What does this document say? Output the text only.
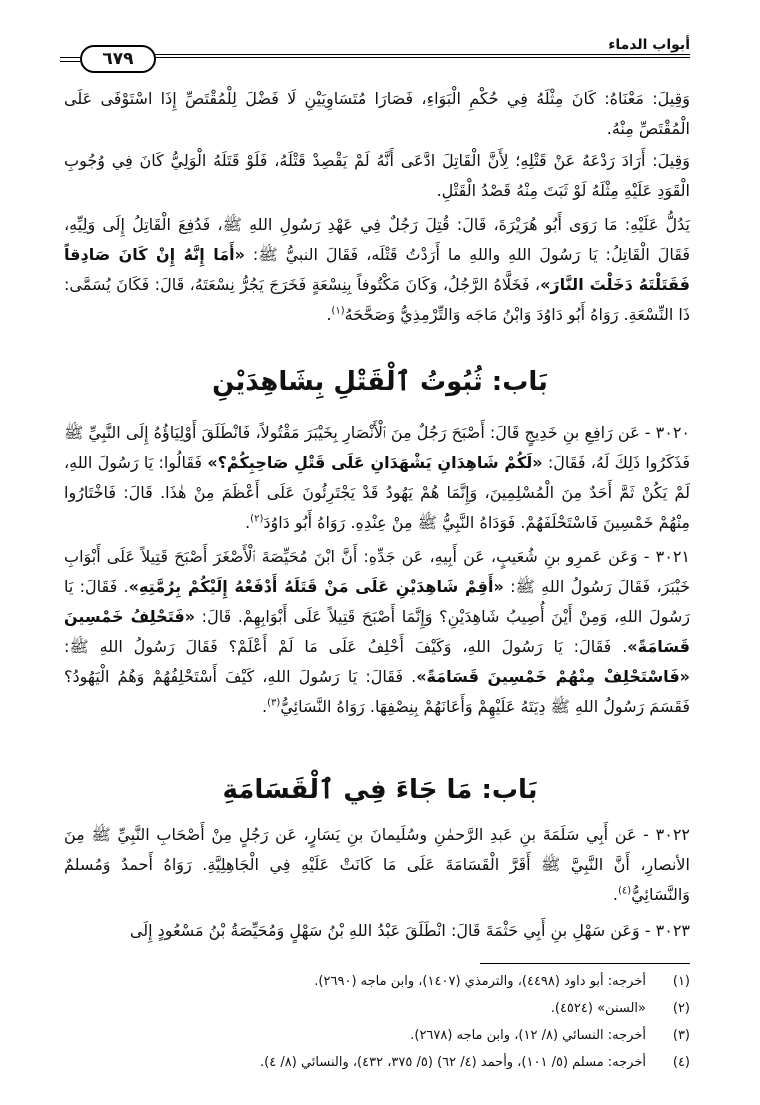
أبواب الدماء
٦٧٩

وَقِيلَ: مَعْنَاهُ: كَانَ مِثْلَهُ فِي حُكْمِ الْبَوَاءِ، فَصَارَا مُتَسَاوِيَيْنِ لَا فَضْلَ لِلْمُقْتَصِّ إِذَا اسْتَوْفَى عَلَى الْمُقْتَصِّ مِنْهُ.

وَقِيلَ: أَرَادَ رَدْعَهُ عَنْ قَتْلِهِ؛ لِأَنَّ الْقَاتِلَ ادَّعَى أَنَّهُ لَمْ يَقْصِدْ قَتْلَهُ، فَلَوْ قَتَلَهُ الْوَلِيُّ كَانَ فِي وُجُوبِ الْقَوَدِ عَلَيْهِ مِثْلَهُ لَوْ ثَبَتَ مِنْهُ قَصْدُ الْقَتْلِ.

يَدُلُّ عَلَيْهِ: مَا رَوَى أَبُو هُرَيْرَةَ، قَالَ: قُتِلَ رَجُلٌ فِي عَهْدِ رَسُولِ اللهِ ﷺ، فَدُفِعَ الْقَاتِلُ إِلَى وَلِيِّهِ، فَقَالَ الْقَاتِلُ: يَا رَسُولَ اللهِ واللهِ ما أَرَدْتُ قَتْلَه، فَقَالَ النبيُّ ﷺ: «أَمَا إِنَّهُ إِنْ كَانَ صَادِقاً فَقَتَلْتَهُ دَخَلْتَ النَّارَ»، فَخَلَّاهُ الرَّجُلُ، وَكَانَ مَكْتُوفاً بِنِسْعَةٍ فَخَرَجَ يَجُرُّ نِسْعَتَهُ، قَالَ: فَكَانَ يُسَمَّى: ذَا النِّسْعَةِ. رَوَاهُ أَبُو دَاوُدَ وَابْنُ مَاجَه وَالتِّرْمِذِيُّ وَصَحَّحَهُ$^{(١)}$.

بَاب: ثُبُوتُ ٱلْقَتْلِ بِشَاهِدَيْنِ

٣٠٢٠ - عَن رَافِعِ بنِ خَدِيجٍ قَالَ: أَصْبَحَ رَجُلٌ مِنَ ٱلْأَنْصَارِ بِخَيْبَرَ مَقْتُولاً، فَانْطَلَقَ أَوْلِيَاؤُهُ إِلَى النَّبِيِّ ﷺ فَذَكَرُوا ذَلِكَ لَهُ، فَقَالَ: «لَكُمْ شَاهِدَانِ يَشْهَدَانِ عَلَى قَتْلِ صَاحِبِكُمْ؟» فَقَالُوا: يَا رَسُولَ اللهِ، لَمْ يَكُنْ ثَمَّ أَحَدٌ مِنَ الْمُسْلِمِينَ، وَإِنَّمَا هُمْ يَهُودُ قَدْ يَجْتَرِئُونَ عَلَى أَعْظَمَ مِنْ هٰذَا. قَالَ: فَاخْتَارُوا مِنْهُمْ خَمْسِينَ فَاسْتَحْلَفَهُمْ. فَوَدَاهُ النَّبِيُّ ﷺ مِنْ عِنْدِهِ. رَوَاهُ أَبُو دَاوُدَ$^{(٢)}$.

٣٠٢١ - وَعَن عَمرِو بنِ شُعَيبٍ، عَن أَبِيهِ، عَن جَدِّهِ: أَنَّ ابْنَ مُحَيِّصَةَ ٱلْأَصْغَرَ أَصْبَحَ قَتِيلاً عَلَى أَبْوَابِ خَيْبَرَ، فَقَالَ رَسُولُ اللهِ ﷺ: «أَقِمْ شَاهِدَيْنِ عَلَى مَنْ قَتَلَهُ أَدْفَعْهُ إِلَيْكُمْ بِرُمَّتِهِ». فَقَالَ: يَا رَسُولَ اللهِ، وَمِنْ أَيْنَ أُصِيبُ شَاهِدَيْنِ؟ وَإِنَّمَا أَصْبَحَ قَتِيلاً عَلَى أَبْوَابِهِمْ. قَالَ: «فَتَحْلِفُ خَمْسِينَ قَسَامَةً». فَقَالَ: يَا رَسُولَ اللهِ، وَكَيْفَ أَحْلِفُ عَلَى مَا لَمْ أَعْلَمْ؟ فَقَالَ رَسُولُ اللهِ ﷺ: «فَاسْتَحْلِفْ مِنْهُمْ خَمْسِينَ قَسَامَةً». فَقَالَ: يَا رَسُولَ اللهِ، كَيْفَ أَسْتَحْلِفُهُمْ وَهُمُ الْيَهُودُ؟ فَقَسَمَ رَسُولُ اللهِ ﷺ دِيَتَهُ عَلَيْهِمْ وَأَعَانَهُمْ بِنِصْفِهَا. رَوَاهُ النَّسَائِيُّ$^{(٣)}$.

بَاب: مَا جَاءَ فِي ٱلْقَسَامَةِ

٣٠٢٢ - عَن أَبِي سَلَمَةَ بنِ عَبدِ الرَّحمٰنِ وسُلَيمانَ بنِ يَسَارٍ، عَن رَجُلٍ مِنْ أَصْحَابِ النَّبِيِّ ﷺ مِنَ الأنصارِ، أَنَّ النَّبِيَّ ﷺ أَقَرَّ الْقَسَامَةَ عَلَى مَا كَانَتْ عَلَيْهِ فِي الْجَاهِلِيَّةِ. رَوَاهُ أَحمدُ وَمُسلمٌ وَالنَّسَائِيُّ$^{(٤)}$.

٣٠٢٣ - وَعَن سَهْلِ بنِ أَبِي حَثْمَةَ قَالَ: انْطَلَقَ عَبْدُ اللهِ بْنُ سَهْلٍ وَمُحَيِّصَةُ بْنُ مَسْعُودٍ إِلَى

(١)
أخرجه: أبو داود (٤٤٩٨)، والترمذي (١٤٠٧)، وابن ماجه (٢٦٩٠).
(٢)
«السنن» (٤٥٢٤).
(٣)
أخرجه: النسائي (٨/ ١٢)، وابن ماجه (٢٦٧٨).
(٤)
أخرجه: مسلم (٥/ ١٠١)، وأحمد (٤/ ٦٢) (٥/ ٣٧٥، ٤٣٢)، والنسائي (٨/ ٤).
